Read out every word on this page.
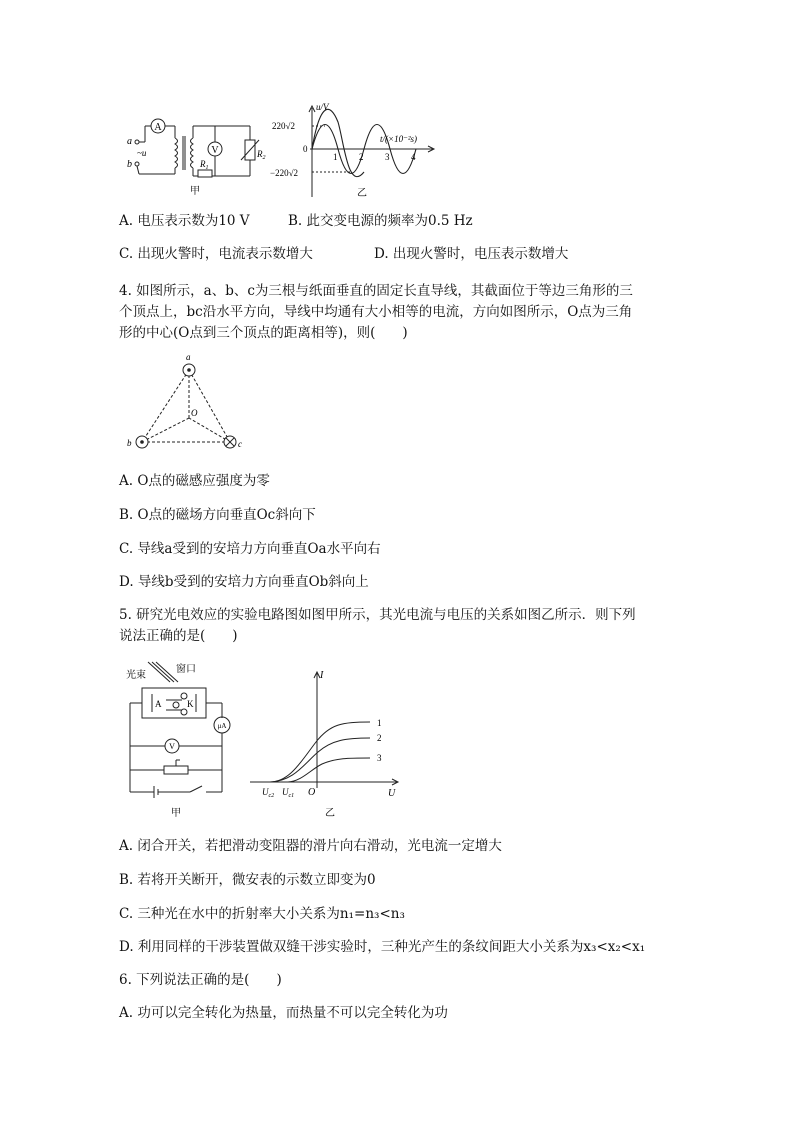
A
V
a
b
~u
$R_1$
$R_2$
甲
u/V
220√2
−220√2
0
t/(×10⁻²s)
1 2 3 4
乙
A. 电压表示数为10 V	B. 此交变电源的频率为0.5 Hz
C. 出现火警时，电流表示数增大	D. 出现火警时，电压表示数增大
4. 如图所示，a、b、c为三根与纸面垂直的固定长直导线，其截面位于等边三角形的三
个顶点上，bc沿水平方向，导线中均通有大小相等的电流，方向如图所示，O点为三角
形的中心(O点到三个顶点的距离相等)，则(　　)
a
b	c
O
A. O点的磁感应强度为零
B. O点的磁场方向垂直Oc斜向下
C. 导线a受到的安培力方向垂直Oa水平向右
D. 导线b受到的安培力方向垂直Ob斜向上
5. 研究光电效应的实验电路图如图甲所示，其光电流与电压的关系如图乙所示．则下列
说法正确的是(　　)
光束
窗口
A	K
μA
V
甲
I
U
O
$U_{c2}$ $U_{c1}$
1
2
3
乙
A. 闭合开关，若把滑动变阻器的滑片向右滑动，光电流一定增大
B. 若将开关断开，微安表的示数立即变为0
C. 三种光在水中的折射率大小关系为n₁=n₃<n₃
D. 利用同样的干涉装置做双缝干涉实验时，三种光产生的条纹间距大小关系为x₃<x₂<x₁
6. 下列说法正确的是(　　)
A. 功可以完全转化为热量，而热量不可以完全转化为功
